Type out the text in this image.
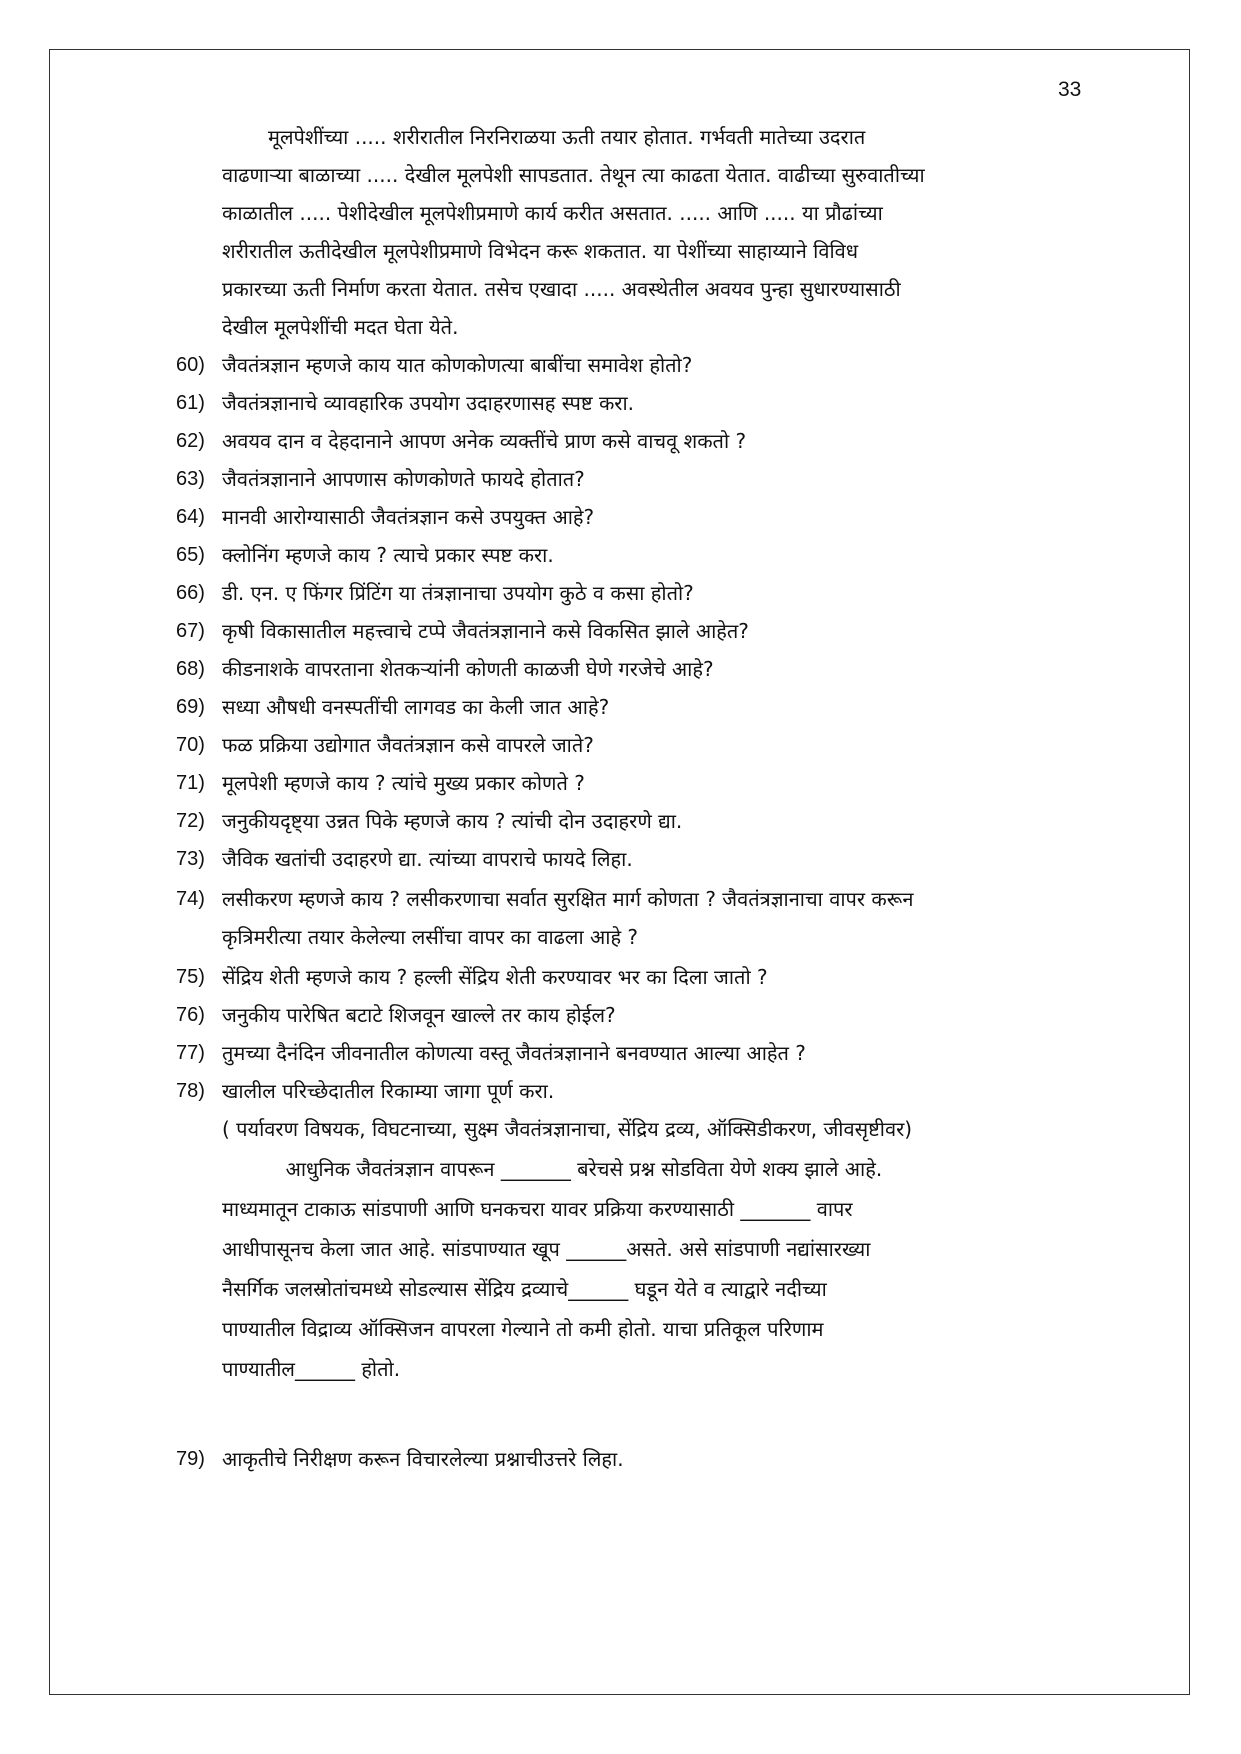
33
मूलपेशींच्या ..... शरीरातील निरनिराळया ऊती तयार होतात. गर्भवती मातेच्या उदरात
वाढणाऱ्या बाळाच्या ..... देखील मूलपेशी सापडतात. तेथून त्या काढता येतात. वाढीच्या सुरुवातीच्या
काळातील ..... पेशीदेखील मूलपेशीप्रमाणे कार्य करीत असतात. ..... आणि ..... या प्रौढांच्या
शरीरातील ऊतीदेखील मूलपेशीप्रमाणे विभेदन करू शकतात. या पेशींच्या साहाय्याने विविध
प्रकारच्या ऊती निर्माण करता येतात. तसेच एखादा ..... अवस्थेतील अवयव पुन्हा सुधारण्यासाठी
देखील मूलपेशींची मदत घेता येते.
60) जैवतंत्रज्ञान म्हणजे काय यात कोणकोणत्या बाबींचा समावेश होतो?
61) जैवतंत्रज्ञानाचे व्यावहारिक उपयोग उदाहरणासह स्पष्ट करा.
62) अवयव दान व देहदानाने आपण अनेक व्यक्तींचे प्राण कसे वाचवू शकतो ?
63) जैवतंत्रज्ञानाने आपणास कोणकोणते फायदे होतात?
64) मानवी आरोग्यासाठी जैवतंत्रज्ञान कसे उपयुक्त आहे?
65) क्लोनिंग म्हणजे काय ? त्याचे प्रकार स्पष्ट करा.
66) डी. एन. ए फिंगर प्रिंटिंग या तंत्रज्ञानाचा उपयोग कुठे व कसा होतो?
67) कृषी विकासातील महत्त्वाचे टप्पे जैवतंत्रज्ञानाने कसे विकसित झाले आहेत?
68) कीडनाशके वापरताना शेतकऱ्यांनी कोणती काळजी घेणे गरजेचे आहे?
69) सध्या औषधी वनस्पतींची लागवड का केली जात आहे?
70) फळ प्रक्रिया उद्योगात जैवतंत्रज्ञान कसे वापरले जाते?
71) मूलपेशी म्हणजे काय ? त्यांचे मुख्य प्रकार कोणते ?
72) जनुकीयदृष्ट्या उन्नत पिके म्हणजे काय ? त्यांची दोन उदाहरणे द्या.
73) जैविक खतांची उदाहरणे द्या. त्यांच्या वापराचे फायदे लिहा.
74) लसीकरण म्हणजे काय ? लसीकरणाचा सर्वात सुरक्षित मार्ग कोणता ? जैवतंत्रज्ञानाचा वापर करून
कृत्रिमरीत्या तयार केलेल्या लसींचा वापर का वाढला आहे ?
75) सेंद्रिय शेती म्हणजे काय ? हल्ली सेंद्रिय शेती करण्यावर भर का दिला जातो ?
76) जनुकीय पारेषित बटाटे शिजवून खाल्ले तर काय होईल?
77) तुमच्या दैनंदिन जीवनातील कोणत्या वस्तू जैवतंत्रज्ञानाने बनवण्यात आल्या आहेत ?
78) खालील परिच्छेदातील रिकाम्या जागा पूर्ण करा.
( पर्यावरण विषयक, विघटनाच्या, सुक्ष्म जैवतंत्रज्ञानाचा, सेंद्रिय द्रव्य, ऑक्सिडीकरण, जीवसृष्टीवर)
आधुनिक जैवतंत्रज्ञान वापरून _______ बरेचसे प्रश्न सोडविता येणे शक्य झाले आहे.
माध्यमातून टाकाऊ सांडपाणी आणि घनकचरा यावर प्रक्रिया करण्यासाठी _______ वापर
आधीपासूनच केला जात आहे. सांडपाण्यात खूप ______असते. असे सांडपाणी नद्यांसारख्या
नैसर्गिक जलस्रोतांचमध्ये सोडल्यास सेंद्रिय द्रव्याचे______ घडून येते व त्याद्वारे नदीच्या
पाण्यातील विद्राव्य ऑक्सिजन वापरला गेल्याने तो कमी होतो. याचा प्रतिकूल परिणाम
पाण्यातील______ होतो.
79) आकृतीचे निरीक्षण करून विचारलेल्या प्रश्नाचीउत्तरे लिहा.
